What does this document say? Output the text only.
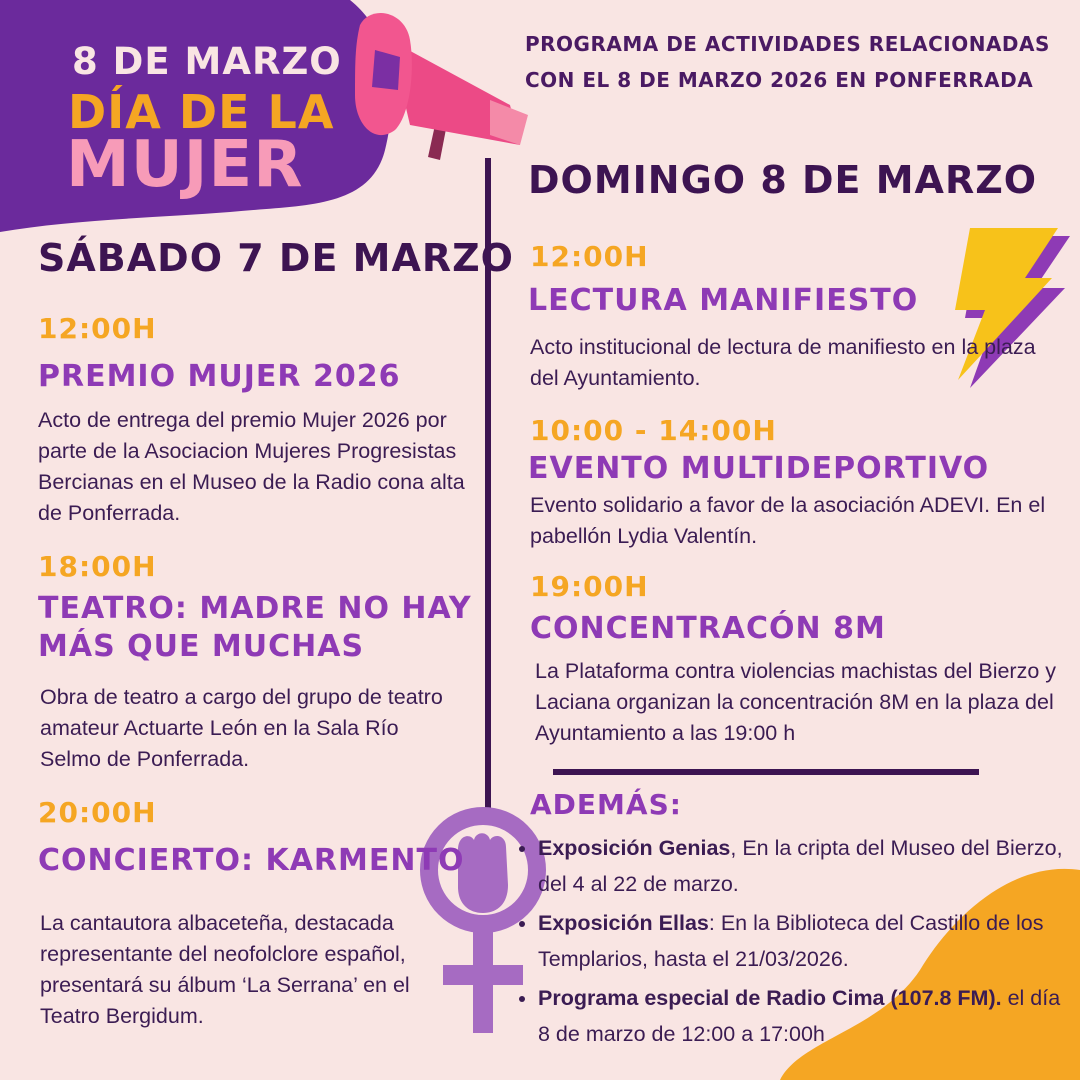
8 DE MARZO
DÍA DE LA
MUJER
PROGRAMA DE ACTIVIDADES RELACIONADAS
CON EL 8 DE MARZO 2026 EN PONFERRADA
SÁBADO 7 DE MARZO
12:00H
PREMIO MUJER 2026
Acto de entrega del premio Mujer 2026 por parte de la Asociacion Mujeres Progresistas Bercianas en el Museo de la Radio cona alta de Ponferrada.
18:00H
TEATRO: MADRE NO HAY
MÁS QUE MUCHAS
Obra de teatro a cargo del grupo de teatro amateur Actuarte León en la Sala Río Selmo de Ponferrada.
20:00H
CONCIERTO: KARMENTO
La cantautora albaceteña, destacada representante del neofolclore español, presentará su álbum ‘La Serrana’ en el Teatro Bergidum.
DOMINGO 8 DE MARZO
12:00H
LECTURA MANIFIESTO
Acto institucional de lectura de manifiesto en la plaza del Ayuntamiento.
10:00 - 14:00H
EVENTO MULTIDEPORTIVO
Evento solidario a favor de la asociación ADEVI. En el pabellón Lydia Valentín.
19:00H
CONCENTRACÓN 8M
La Plataforma contra violencias machistas del Bierzo y Laciana organizan la concentración 8M en la plaza del Ayuntamiento a las 19:00 h
ADEMÁS:
• Exposición Genias, En la cripta del Museo del Bierzo, del 4 al 22 de marzo.
• Exposición Ellas: En la Biblioteca del Castillo de los Templarios, hasta el 21/03/2026.
• Programa especial de Radio Cima (107.8 FM). el día 8 de marzo de 12:00 a 17:00h
